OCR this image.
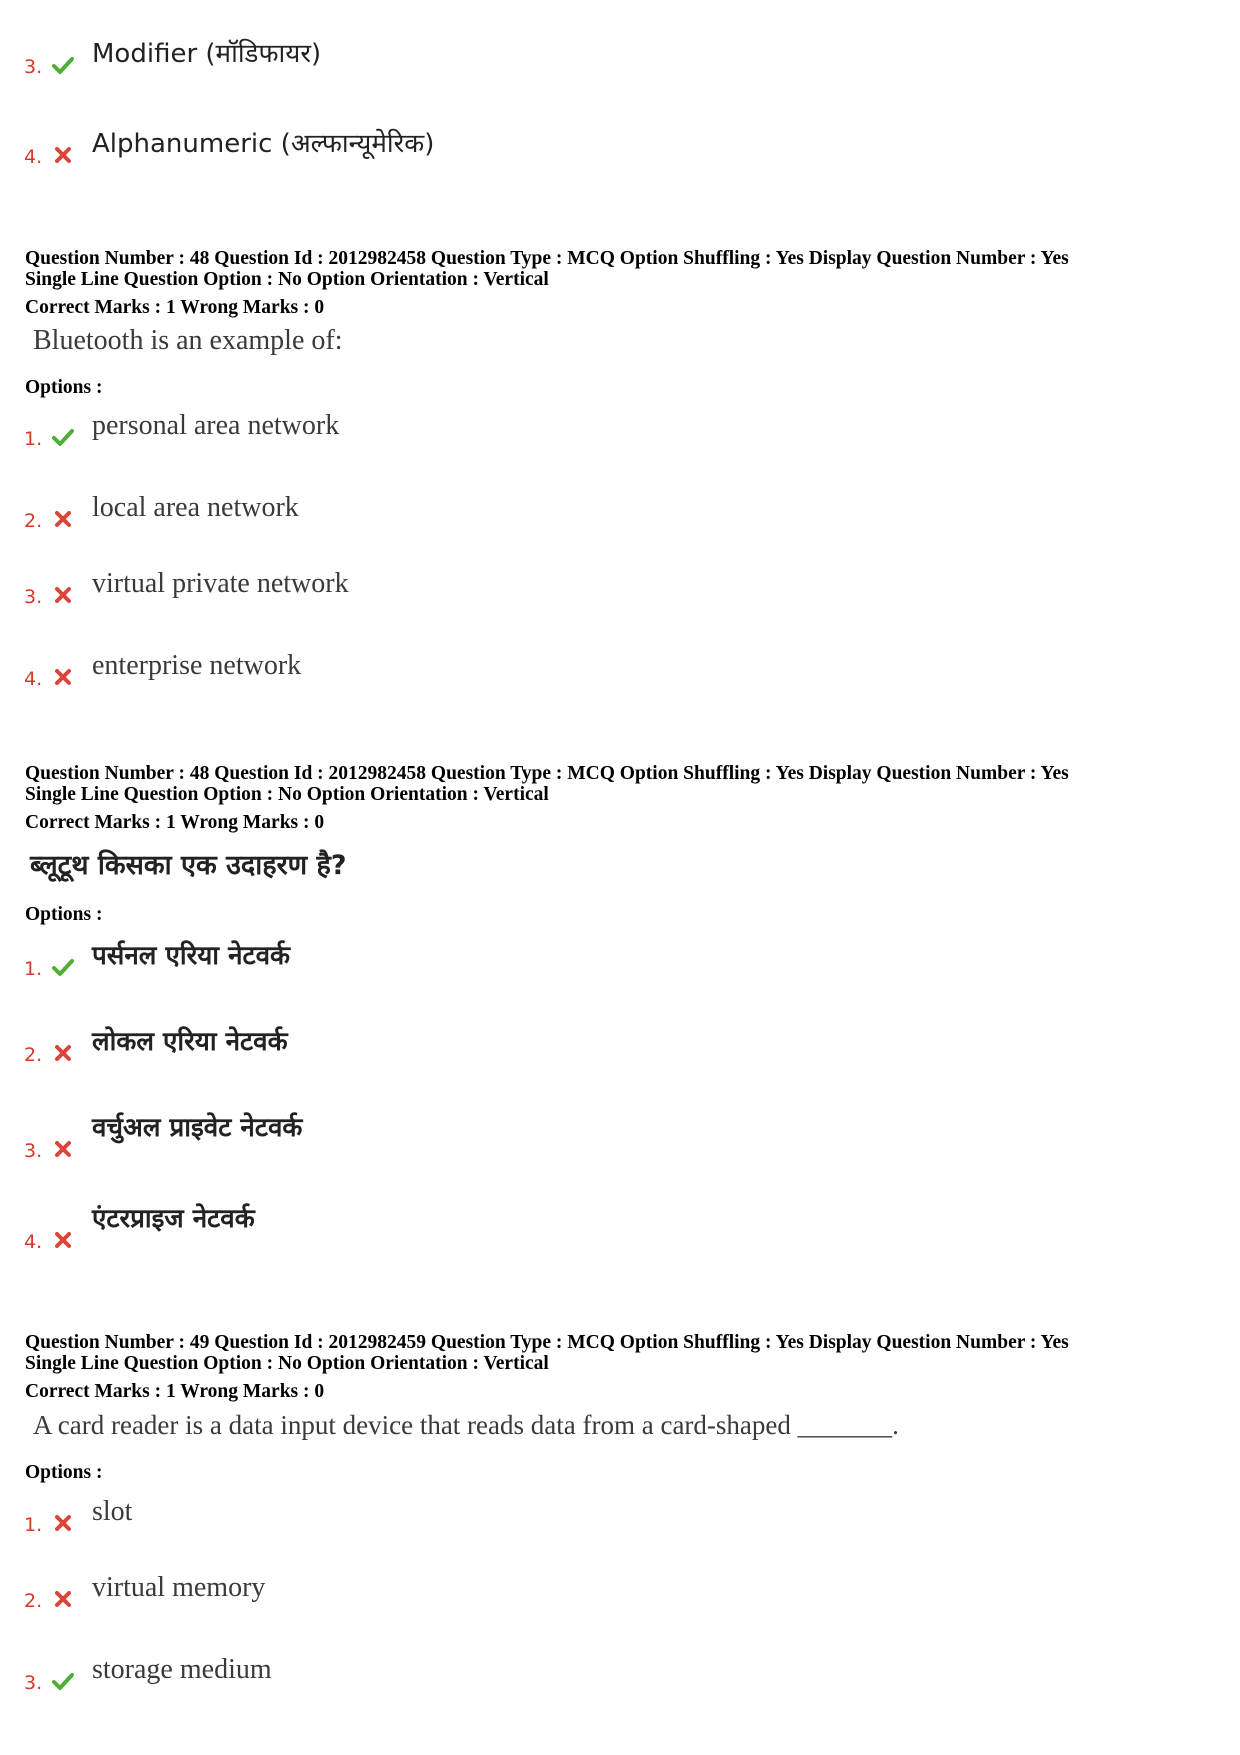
3. Modifier (मॉडिफायर)
4. Alphanumeric (अल्फान्यूमेरिक)

Question Number : 48 Question Id : 2012982458 Question Type : MCQ Option Shuffling : Yes Display Question Number : Yes

Single Line Question Option : No Option Orientation : Vertical

Correct Marks : 1 Wrong Marks : 0

Bluetooth is an example of:
Options :
1. personal area network
2. local area network
3. virtual private network
4. enterprise network

Question Number : 48 Question Id : 2012982458 Question Type : MCQ Option Shuffling : Yes Display Question Number : Yes

Single Line Question Option : No Option Orientation : Vertical

Correct Marks : 1 Wrong Marks : 0

ब्लूटूथ किसका एक उदाहरण है?
Options :
1. पर्सनल एरिया नेटवर्क
2. लोकल एरिया नेटवर्क
3.
वर्चुअल प्राइवेट नेटवर्क
4.
एंटरप्राइज नेटवर्क

Question Number : 49 Question Id : 2012982459 Question Type : MCQ Option Shuffling : Yes Display Question Number : Yes

Single Line Question Option : No Option Orientation : Vertical

Correct Marks : 1 Wrong Marks : 0

A card reader is a data input device that reads data from a card-shaped _______.
Options :
1. slot
2. virtual memory
3. storage medium
